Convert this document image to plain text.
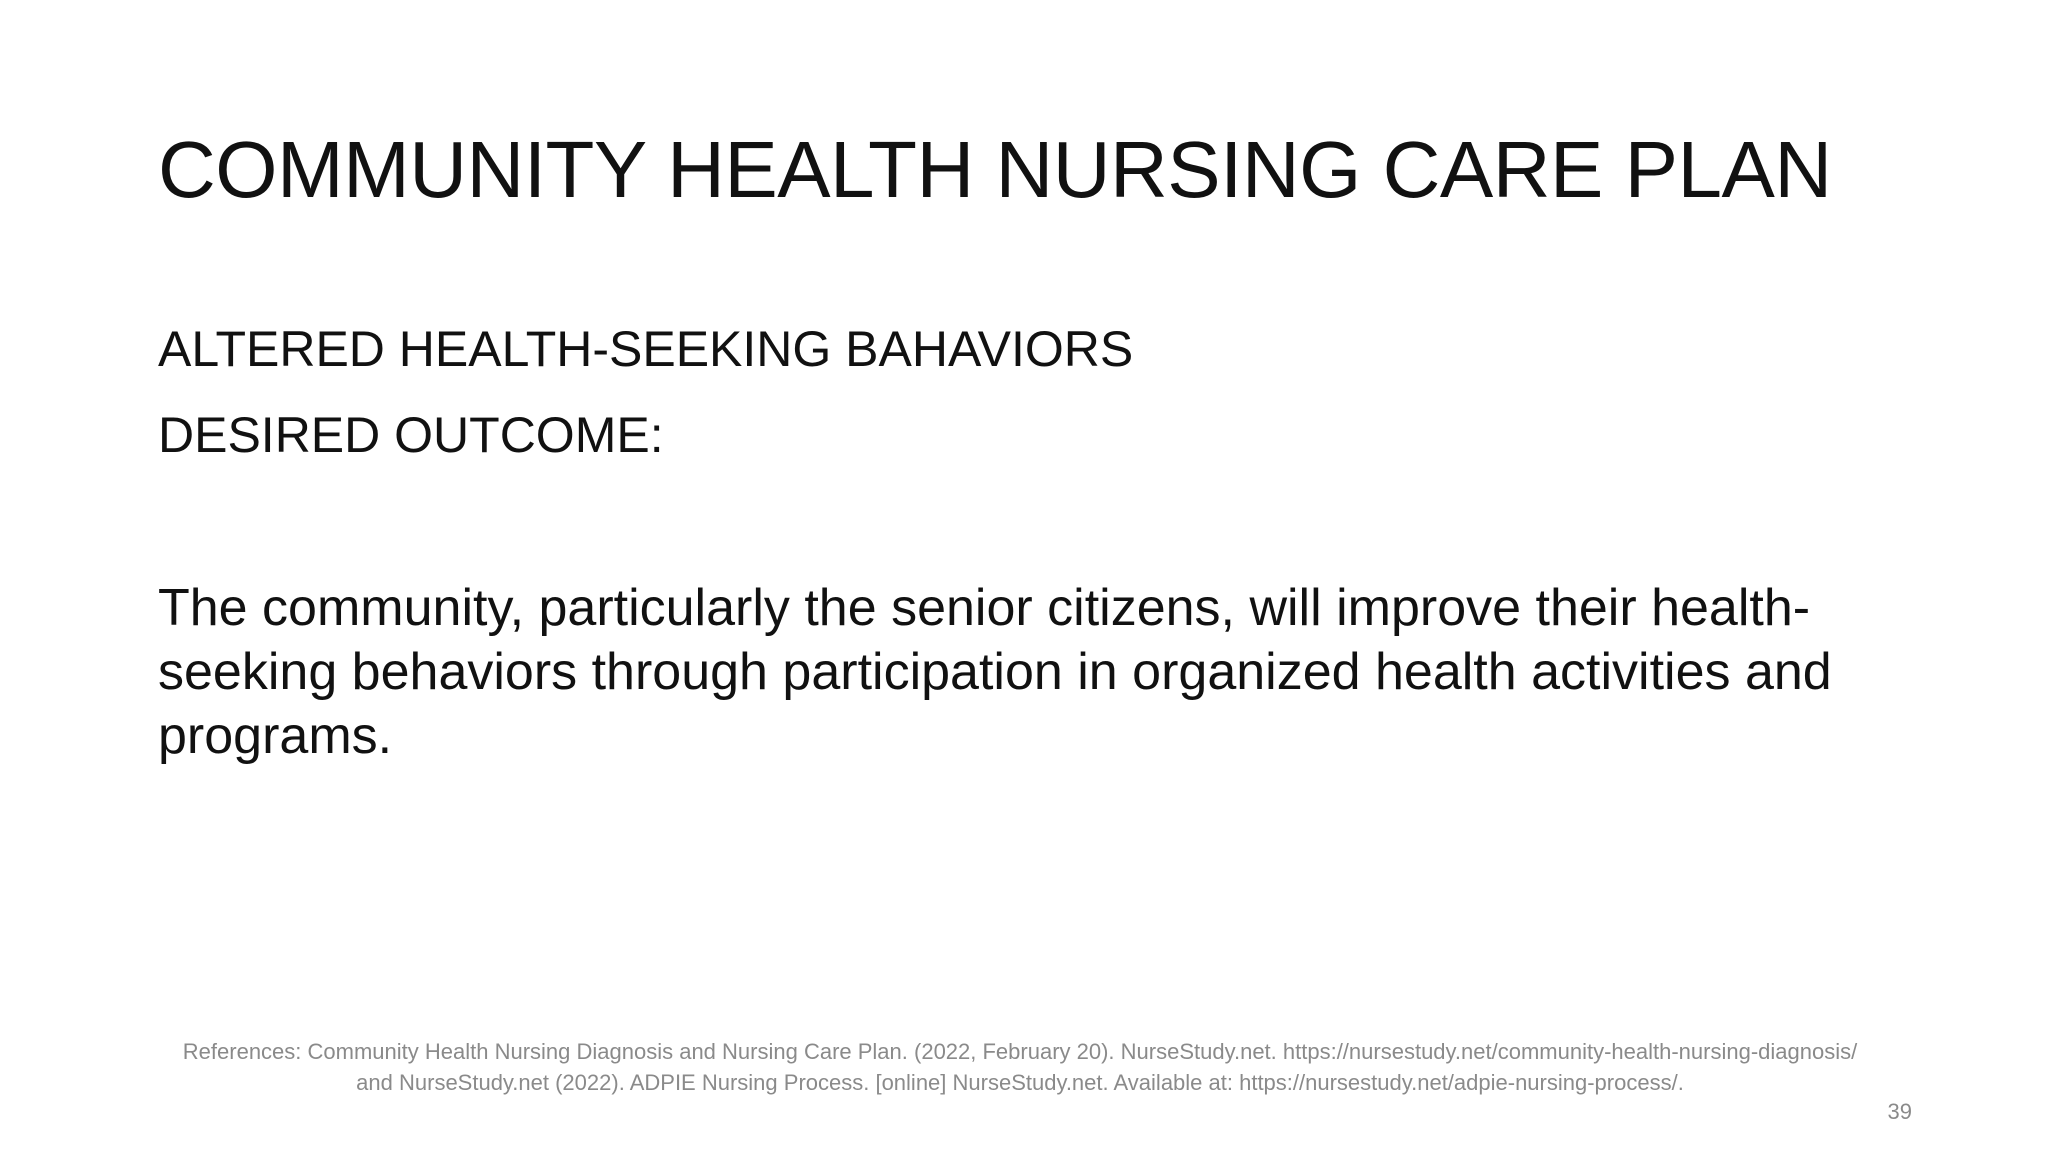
COMMUNITY HEALTH NURSING CARE PLAN
ALTERED HEALTH-SEEKING BAHAVIORS
DESIRED OUTCOME:
The community, particularly the senior citizens, will improve their health-seeking behaviors through participation in organized health activities and programs.
References: Community Health Nursing Diagnosis and Nursing Care Plan. (2022, February 20). NurseStudy.net. https://nursestudy.net/community-health-nursing-diagnosis/ and NurseStudy.net (2022). ADPIE Nursing Process. [online] NurseStudy.net. Available at: https://nursestudy.net/adpie-nursing-process/.
39
